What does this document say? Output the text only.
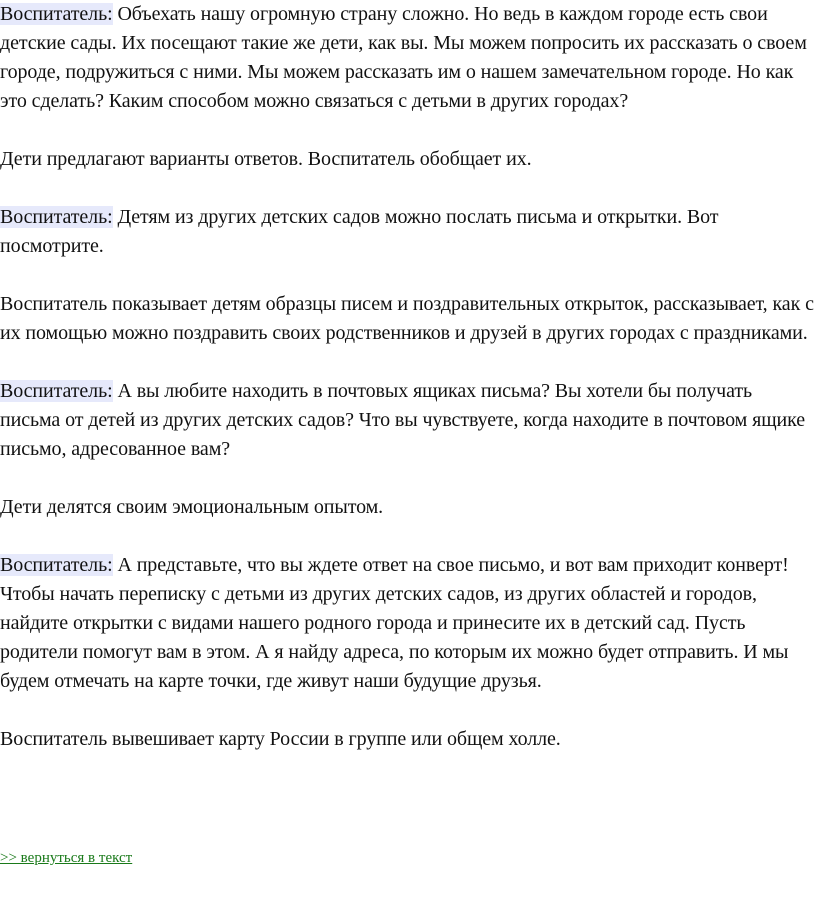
Воспитатель: Объехать нашу огромную страну сложно. Но ведь в каждом городе есть свои детские сады. Их посещают такие же дети, как вы. Мы можем попросить их рассказать о своем городе, подружиться с ними. Мы можем рассказать им о нашем замечательном городе. Но как это сделать? Каким способом можно связаться с детьми в других городах?

Дети предлагают варианты ответов. Воспитатель обобщает их.

Воспитатель: Детям из других детских садов можно послать письма и открытки. Вот посмотрите.

Воспитатель показывает детям образцы писем и поздравительных открыток, рассказывает, как с их помощью можно поздравить своих родственников и друзей в других городах с праздниками.

Воспитатель: А вы любите находить в почтовых ящиках письма? Вы хотели бы получать письма от детей из других детских садов? Что вы чувствуете, когда находите в почтовом ящике письмо, адресованное вам?

Дети делятся своим эмоциональным опытом.

Воспитатель: А представьте, что вы ждете ответ на свое письмо, и вот вам приходит конверт! Чтобы начать переписку с детьми из других детских садов, из других областей и городов, найдите открытки с видами нашего родного города и принесите их в детский сад. Пусть родители помогут вам в этом. А я найду адреса, по которым их можно будет отправить. И мы будем отмечать на карте точки, где живут наши будущие друзья.

Воспитатель вывешивает карту России в группе или общем холле.

>> вернуться в текст
